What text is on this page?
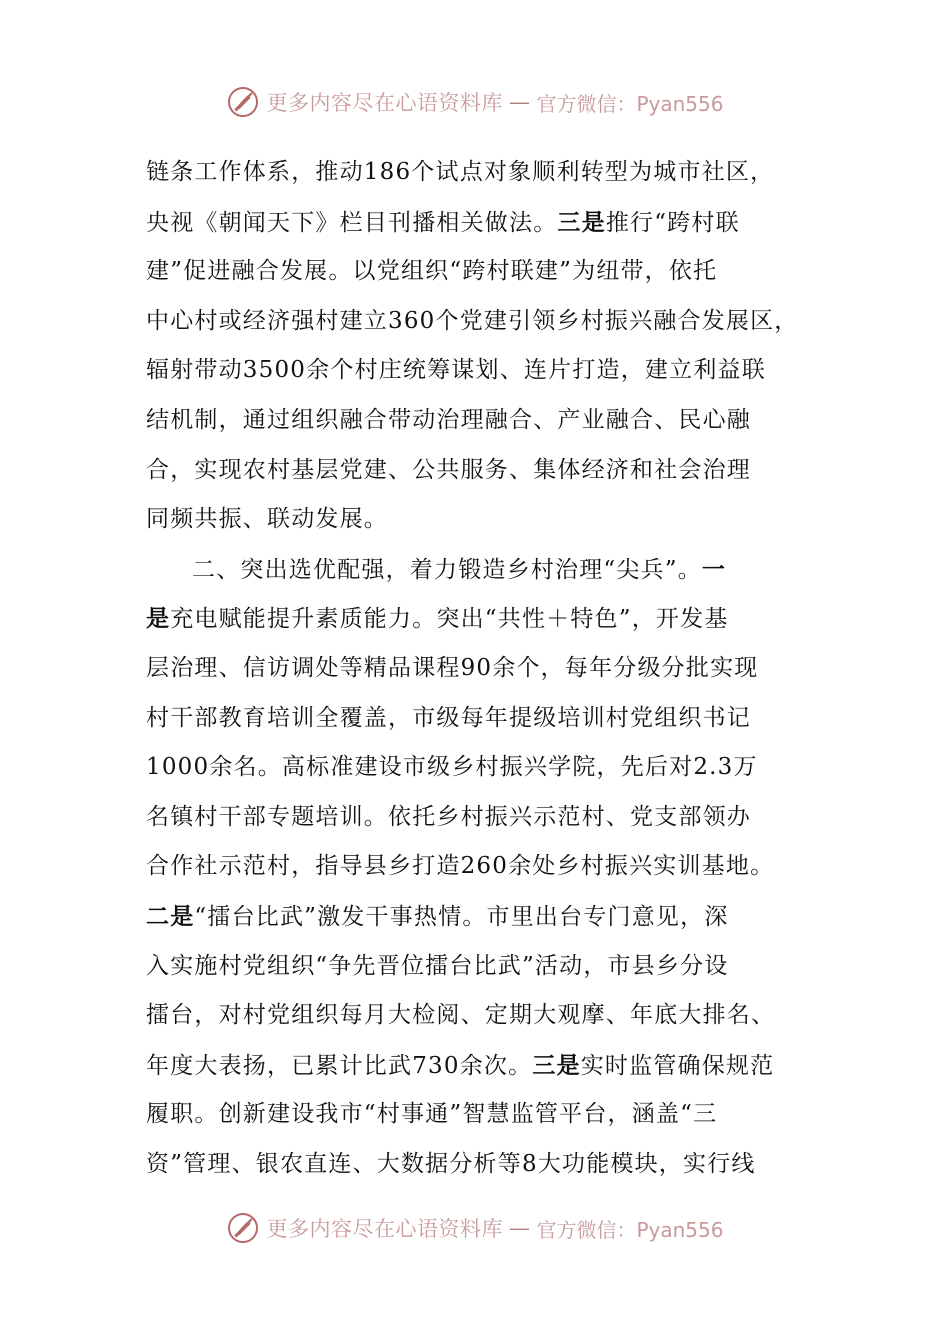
更多内容尽在心语资料库 — 官方微信：Pyan556
链条工作体系，推动186个试点对象顺利转型为城市社区，
央视《朝闻天下》栏目刊播相关做法。三是推行“跨村联
建”促进融合发展。以党组织“跨村联建”为纽带，依托
中心村或经济强村建立360个党建引领乡村振兴融合发展区，
辐射带动3500余个村庄统筹谋划、连片打造，建立利益联
结机制，通过组织融合带动治理融合、产业融合、民心融
合，实现农村基层党建、公共服务、集体经济和社会治理
同频共振、联动发展。
二、突出选优配强，着力锻造乡村治理“尖兵”。一
是充电赋能提升素质能力。突出“共性＋特色”，开发基
层治理、信访调处等精品课程90余个，每年分级分批实现
村干部教育培训全覆盖，市级每年提级培训村党组织书记
1000余名。高标准建设市级乡村振兴学院，先后对2.3万
名镇村干部专题培训。依托乡村振兴示范村、党支部领办
合作社示范村，指导县乡打造260余处乡村振兴实训基地。
二是“擂台比武”激发干事热情。市里出台专门意见，深
入实施村党组织“争先晋位擂台比武”活动，市县乡分设
擂台，对村党组织每月大检阅、定期大观摩、年底大排名、
年度大表扬，已累计比武730余次。三是实时监管确保规范
履职。创新建设我市“村事通”智慧监管平台，涵盖“三
资”管理、银农直连、大数据分析等8大功能模块，实行线
更多内容尽在心语资料库 — 官方微信：Pyan556
